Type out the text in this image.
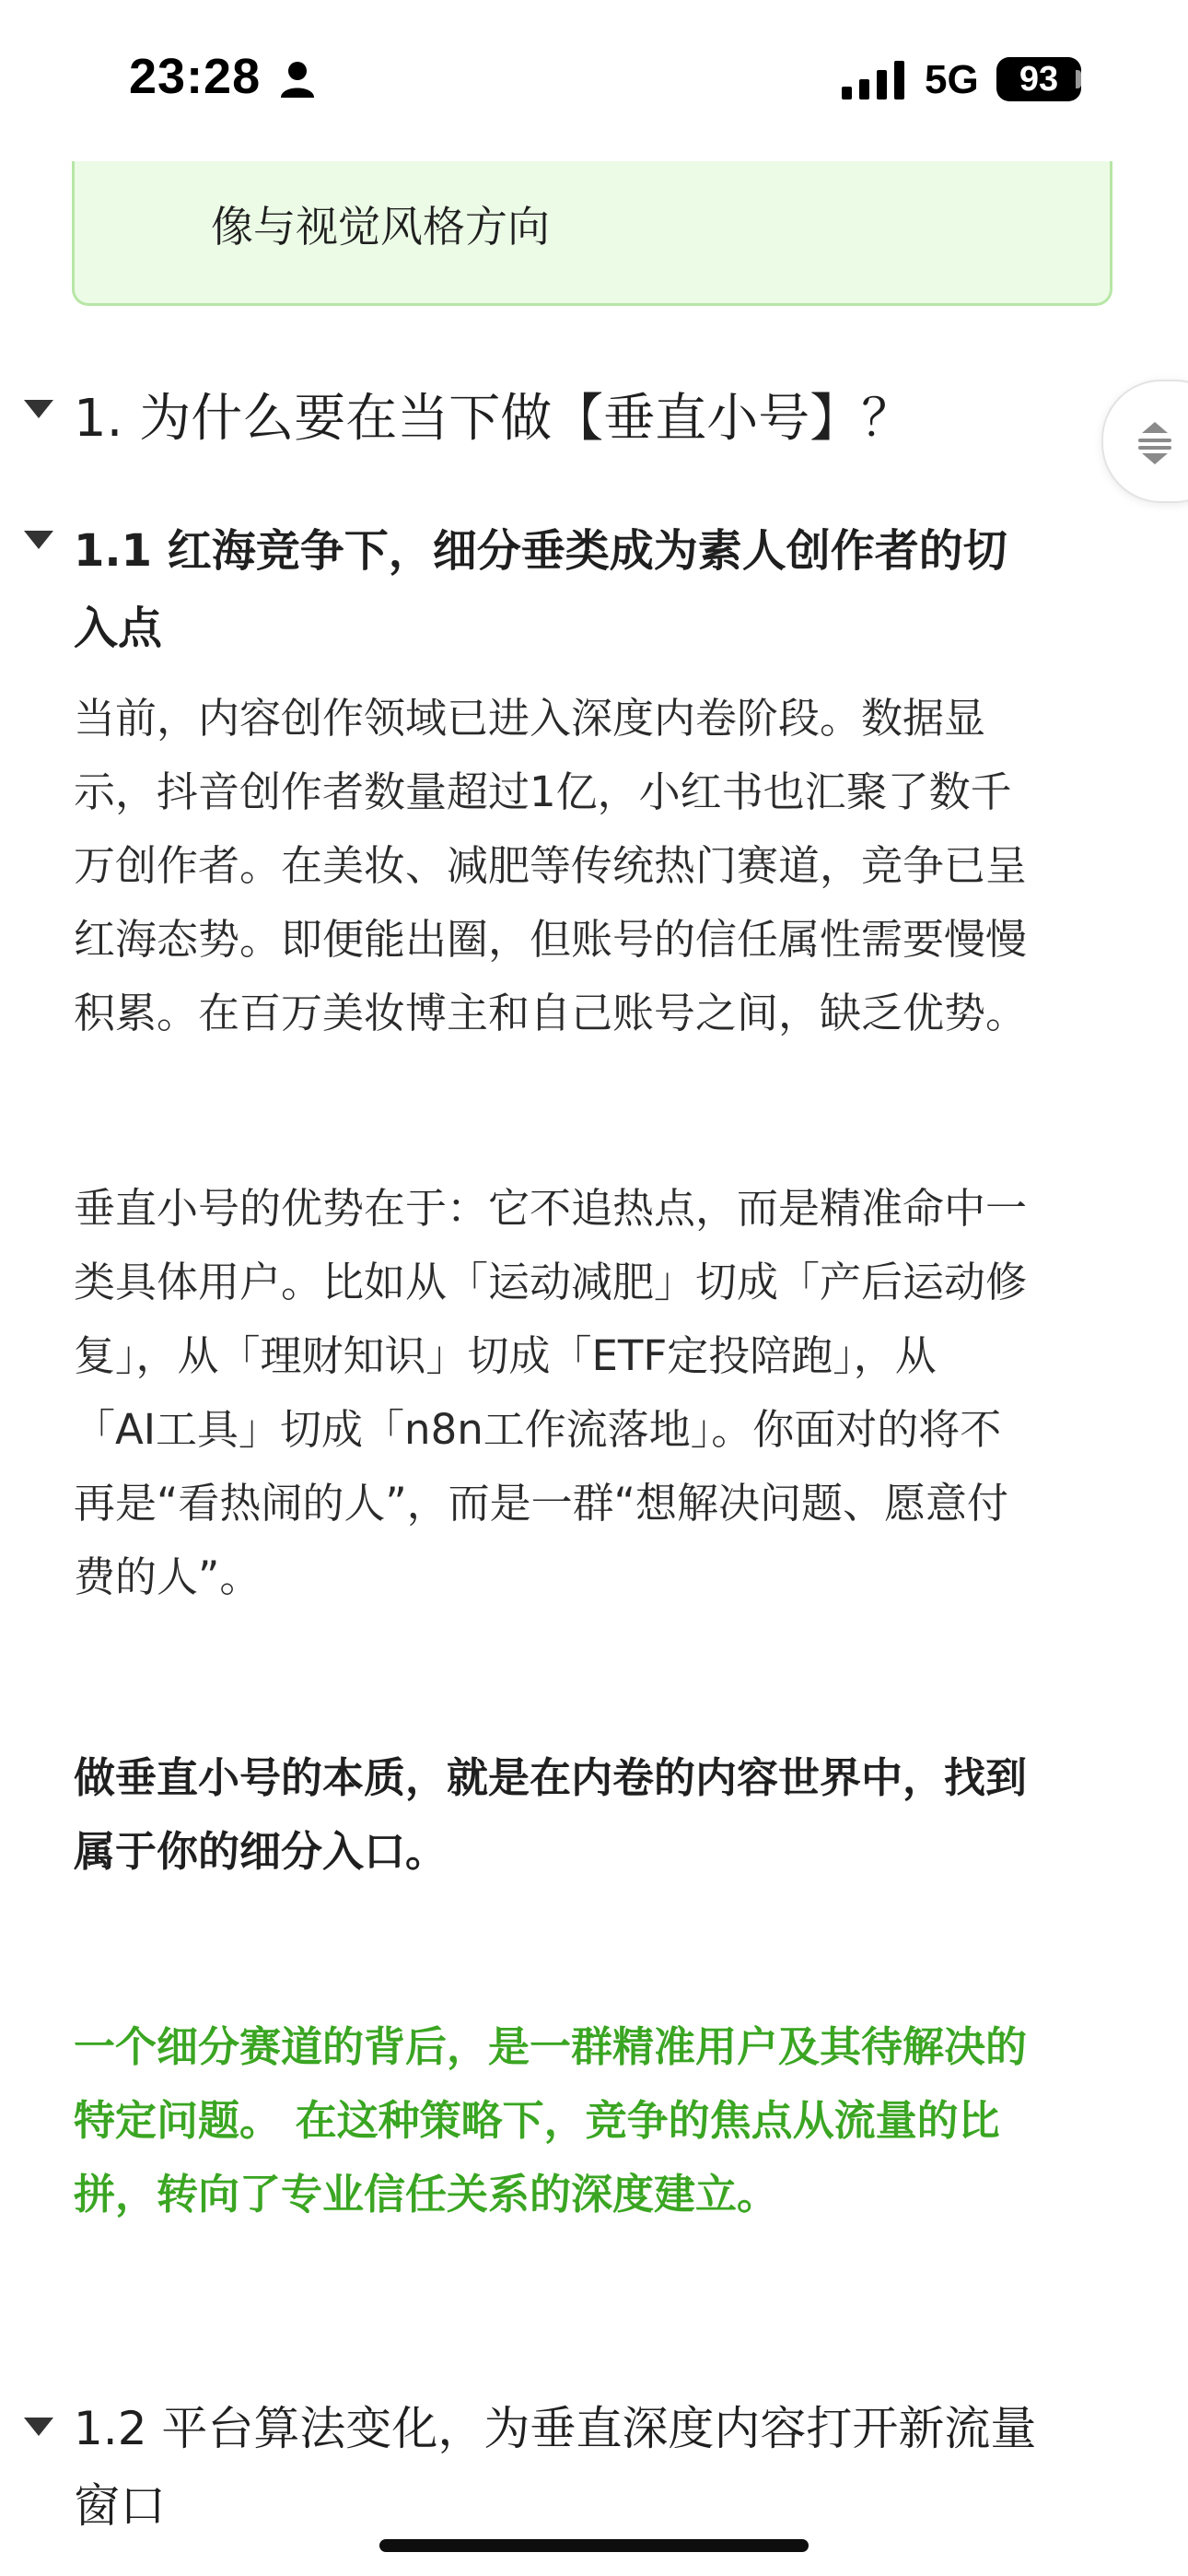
23:28	5G	93
像与视觉风格方向
1. 为什么要在当下做【垂直小号】？
1.1 红海竞争下，细分垂类成为素人创作者的切
入点
当前，内容创作领域已进入深度内卷阶段。数据显
示，抖音创作者数量超过1亿，小红书也汇聚了数千
万创作者。在美妆、减肥等传统热门赛道，竞争已呈
红海态势。即便能出圈，但账号的信任属性需要慢慢
积累。在百万美妆博主和自己账号之间，缺乏优势。
垂直小号的优势在于：它不追热点，而是精准命中一
类具体用户。比如从「运动减肥」切成「产后运动修
复」，从「理财知识」切成「ETF定投陪跑」，从
「AI工具」切成「n8n工作流落地」。你面对的将不
再是“看热闹的人”，而是一群“想解决问题、愿意付
费的人”。
做垂直小号的本质，就是在内卷的内容世界中，找到
属于你的细分入口。
一个细分赛道的背后，是一群精准用户及其待解决的
特定问题。 在这种策略下，竞争的焦点从流量的比
拼，转向了专业信任关系的深度建立。
1.2 平台算法变化，为垂直深度内容打开新流量
窗口
